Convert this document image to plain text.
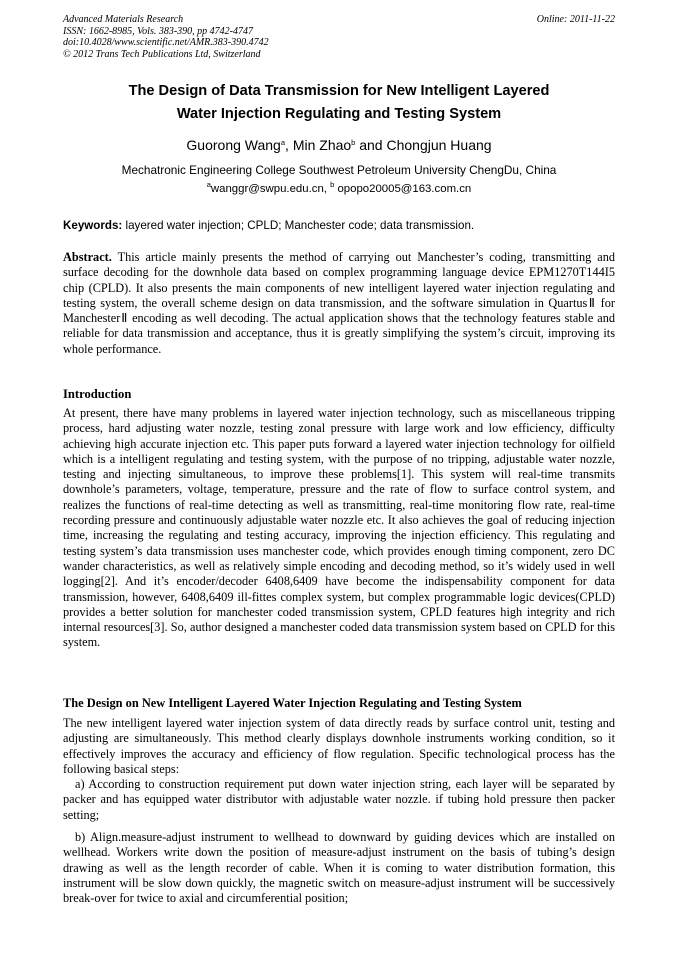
Advanced Materials Research
ISSN: 1662-8985, Vols. 383-390, pp 4742-4747
doi:10.4028/www.scientific.net/AMR.383-390.4742
© 2012 Trans Tech Publications Ltd, Switzerland
Online: 2011-11-22
The Design of Data Transmission for New Intelligent Layered
Water Injection Regulating and Testing System
Guorong Wang$^a$, Min Zhao$^b$ and Chongjun Huang
Mechatronic Engineering College Southwest Petroleum University ChengDu, China
$^a$wanggr@swpu.edu.cn, $^b$ opopo20005@163.com.cn
Keywords: layered water injection; CPLD; Manchester code; data transmission.

Abstract. This article mainly presents the method of carrying out Manchester’s coding, transmitting and surface decoding for the downhole data based on complex programming language device EPM1270T144I5 chip (CPLD). It also presents the main components of new intelligent layered water injection regulating and testing system, the overall scheme design on data transmission, and the software simulation in QuartusⅡ for ManchesterⅡ encoding as well decoding. The actual application shows that the technology features stable and reliable for data transmission and acceptance, thus it is greatly simplifying the system’s circuit, improving its whole performance.

Introduction

At present, there have many problems in layered water injection technology, such as miscellaneous tripping process, hard adjusting water nozzle, testing zonal pressure with large work and low efficiency, difficulty achieving high accurate injection etc. This paper puts forward a layered water injection technology for oilfield which is a intelligent regulating and testing system, with the purpose of no tripping, adjustable water nozzle, testing and injecting simultaneous, to improve these problems[1]. This system will real-time transmits downhole’s parameters, voltage, temperature, pressure and the rate of flow to surface control system, and realizes the functions of real-time detecting as well as transmitting, real-time monitoring flow rate, real-time recording pressure and continuously adjustable water nozzle etc. It also achieves the goal of reducing injection time, increasing the regulating and testing accuracy, improving the injection efficiency. This regulating and testing system’s data transmission uses manchester code, which provides enough timing component, zero DC wander characteristics, as well as relatively simple encoding and decoding method, so it’s widely used in well logging[2]. And it’s encoder/decoder 6408,6409 have become the indispensability component for data transmission, however, 6408,6409 ill-fittes complex system, but complex programmable logic devices(CPLD) provides a better solution for manchester coded transmission system, CPLD features high integrity and rich internal resources[3]. So, author designed a manchester coded data transmission system based on CPLD for this system.

The Design on New Intelligent Layered Water Injection Regulating and Testing System

The new intelligent layered water injection system of data directly reads by surface control unit, testing and adjusting are simultaneously. This method clearly displays downhole instruments working condition, so it effectively improves the accuracy and efficiency of flow regulation. Specific technological process has the following basical steps:

a) According to construction requirement put down water injection string, each layer will be separated by packer and has equipped water distributor with adjustable water nozzle. if tubing hold pressure then packer setting;

b) Align.measure-adjust instrument to wellhead to downward by guiding devices which are installed on wellhead. Workers write down the position of measure-adjust instrument on the basis of tubing’s design drawing as well as the length recorder of cable. When it is coming to water distribution formation, this instrument will be slow down quickly, the magnetic switch on measure-adjust instrument will be successively break-over for twice to axial and circumferential position;
